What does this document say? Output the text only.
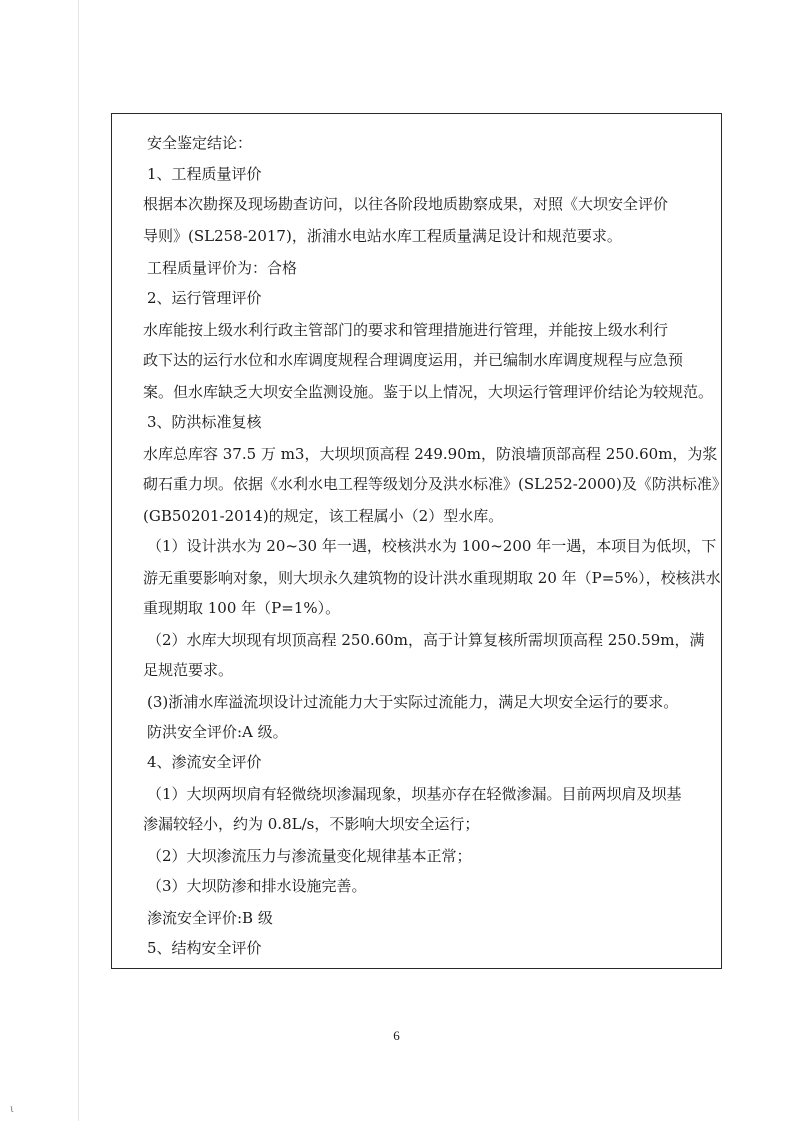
安全鉴定结论：
1、工程质量评价
根据本次勘探及现场勘查访问，以往各阶段地质勘察成果，对照《大坝安全评价
导则》(SL258-2017)，浙浦水电站水库工程质量满足设计和规范要求。
工程质量评价为：合格
2、运行管理评价
水库能按上级水利行政主管部门的要求和管理措施进行管理，并能按上级水利行
政下达的运行水位和水库调度规程合理调度运用，并已编制水库调度规程与应急预
案。但水库缺乏大坝安全监测设施。鉴于以上情况，大坝运行管理评价结论为较规范。
3、防洪标准复核
水库总库容 37.5 万 m3，大坝坝顶高程 249.90m，防浪墙顶部高程 250.60m，为浆
砌石重力坝。依据《水利水电工程等级划分及洪水标准》(SL252-2000)及《防洪标准》
(GB50201-2014)的规定，该工程属小（2）型水库。
（1）设计洪水为 20~30 年一遇，校核洪水为 100~200 年一遇，本项目为低坝，下
游无重要影响对象，则大坝永久建筑物的设计洪水重现期取 20 年（P=5%），校核洪水
重现期取 100 年（P=1%）。
（2）水库大坝现有坝顶高程 250.60m，高于计算复核所需坝顶高程 250.59m，满
足规范要求。
(3)浙浦水库溢流坝设计过流能力大于实际过流能力，满足大坝安全运行的要求。
防洪安全评价:A 级。
4、渗流安全评价
（1）大坝两坝肩有轻微绕坝渗漏现象，坝基亦存在轻微渗漏。目前两坝肩及坝基
渗漏较轻小，约为 0.8L/s，不影响大坝安全运行；
（2）大坝渗流压力与渗流量变化规律基本正常；
（3）大坝防渗和排水设施完善。
渗流安全评价:B 级
5、结构安全评价
6
ι
